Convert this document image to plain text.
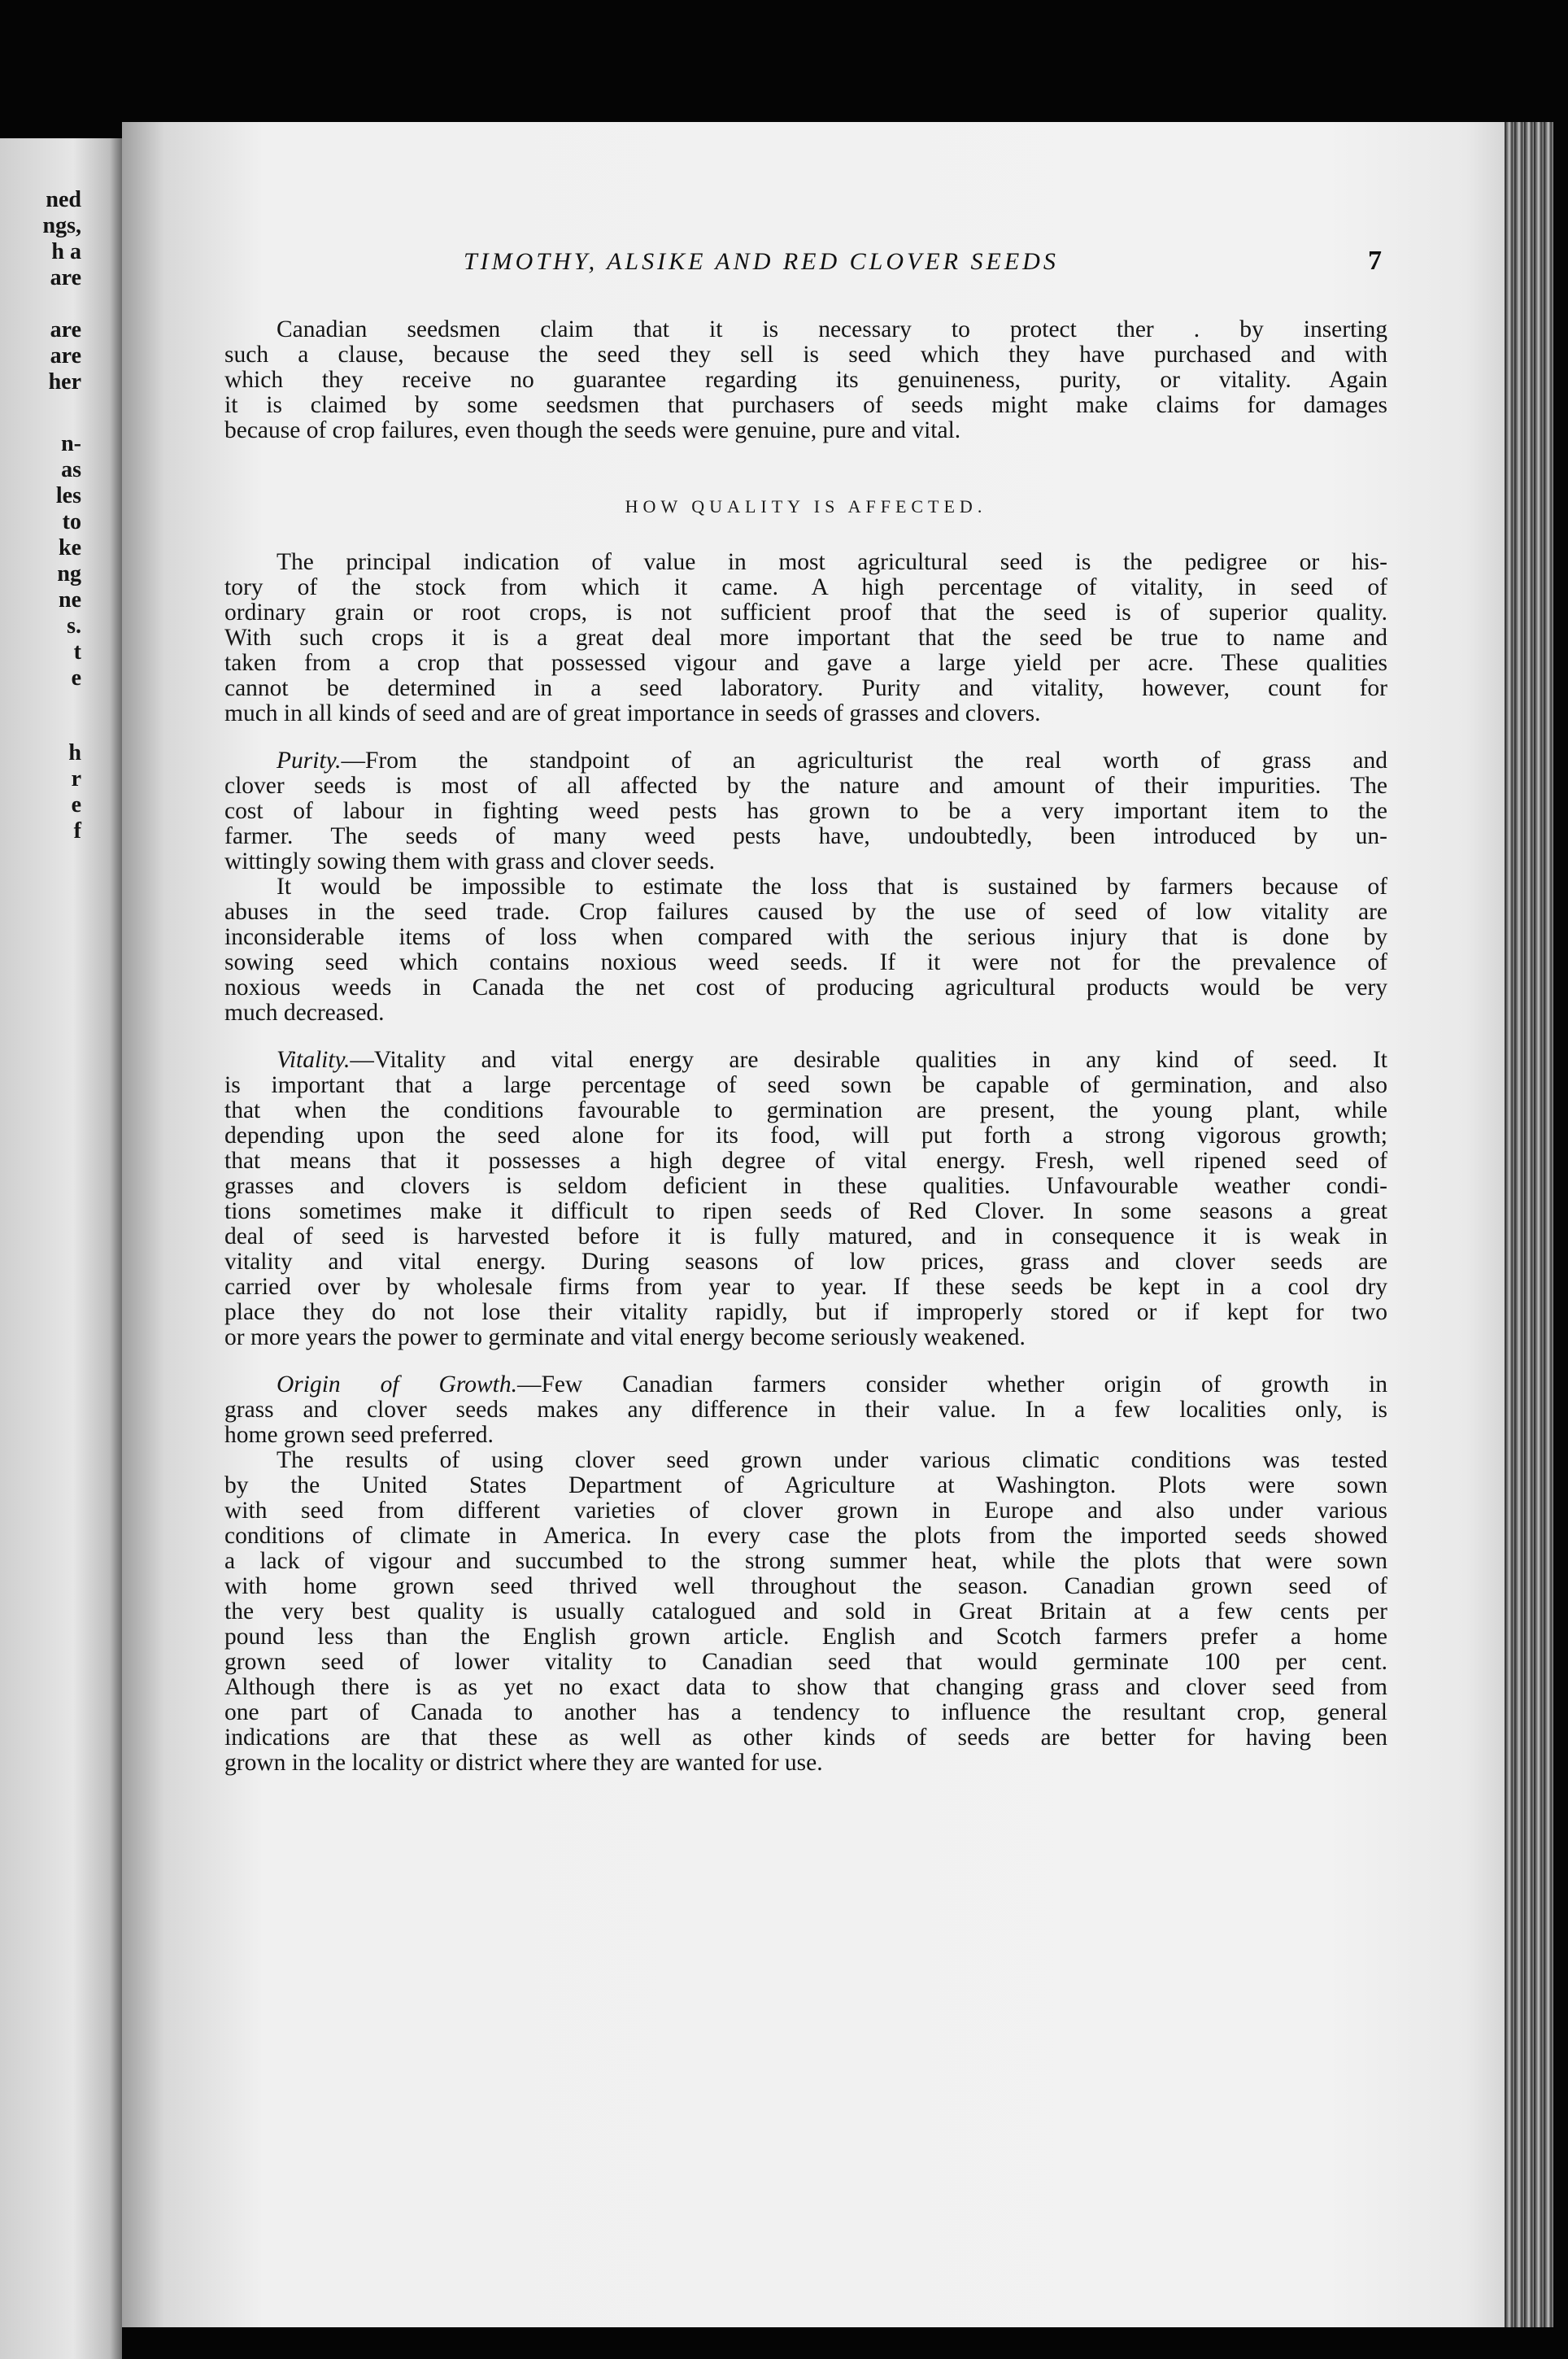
ned
ngs,
h a
are
are
are
her
n-
as
les
to
ke
ng
ne
s.
t
e
h
r
e
f
TIMOTHY, ALSIKE AND RED CLOVER SEEDS	7

Canadian seedsmen claim that it is necessary to protect ther . by inserting
such a clause, because the seed they sell is seed which they have purchased and with
which they receive no guarantee regarding its genuineness, purity, or vitality. Again
it is claimed by some seedsmen that purchasers of seeds might make claims for damages
because of crop failures, even though the seeds were genuine, pure and vital.

HOW QUALITY IS AFFECTED.

The principal indication of value in most agricultural seed is the pedigree or his-
tory of the stock from which it came. A high percentage of vitality, in seed of
ordinary grain or root crops, is not sufficient proof that the seed is of superior quality.
With such crops it is a great deal more important that the seed be true to name and
taken from a crop that possessed vigour and gave a large yield per acre. These qualities
cannot be determined in a seed laboratory. Purity and vitality, however, count for
much in all kinds of seed and are of great importance in seeds of grasses and clovers.

Purity.—From the standpoint of an agriculturist the real worth of grass and
clover seeds is most of all affected by the nature and amount of their impurities. The
cost of labour in fighting weed pests has grown to be a very important item to the
farmer. The seeds of many weed pests have, undoubtedly, been introduced by un-
wittingly sowing them with grass and clover seeds.

It would be impossible to estimate the loss that is sustained by farmers because of
abuses in the seed trade. Crop failures caused by the use of seed of low vitality are
inconsiderable items of loss when compared with the serious injury that is done by
sowing seed which contains noxious weed seeds. If it were not for the prevalence of
noxious weeds in Canada the net cost of producing agricultural products would be very
much decreased.

Vitality.—Vitality and vital energy are desirable qualities in any kind of seed. It
is important that a large percentage of seed sown be capable of germination, and also
that when the conditions favourable to germination are present, the young plant, while
depending upon the seed alone for its food, will put forth a strong vigorous growth;
that means that it possesses a high degree of vital energy. Fresh, well ripened seed of
grasses and clovers is seldom deficient in these qualities. Unfavourable weather condi-
tions sometimes make it difficult to ripen seeds of Red Clover. In some seasons a great
deal of seed is harvested before it is fully matured, and in consequence it is weak in
vitality and vital energy. During seasons of low prices, grass and clover seeds are
carried over by wholesale firms from year to year. If these seeds be kept in a cool dry
place they do not lose their vitality rapidly, but if improperly stored or if kept for two
or more years the power to germinate and vital energy become seriously weakened.

Origin of Growth.—Few Canadian farmers consider whether origin of growth in
grass and clover seeds makes any difference in their value. In a few localities only, is
home grown seed preferred.

The results of using clover seed grown under various climatic conditions was tested
by the United States Department of Agriculture at Washington. Plots were sown
with seed from different varieties of clover grown in Europe and also under various
conditions of climate in America. In every case the plots from the imported seeds showed
a lack of vigour and succumbed to the strong summer heat, while the plots that were sown
with home grown seed thrived well throughout the season. Canadian grown seed of
the very best quality is usually catalogued and sold in Great Britain at a few cents per
pound less than the English grown article. English and Scotch farmers prefer a home
grown seed of lower vitality to Canadian seed that would germinate 100 per cent.
Although there is as yet no exact data to show that changing grass and clover seed from
one part of Canada to another has a tendency to influence the resultant crop, general
indications are that these as well as other kinds of seeds are better for having been
grown in the locality or district where they are wanted for use.
